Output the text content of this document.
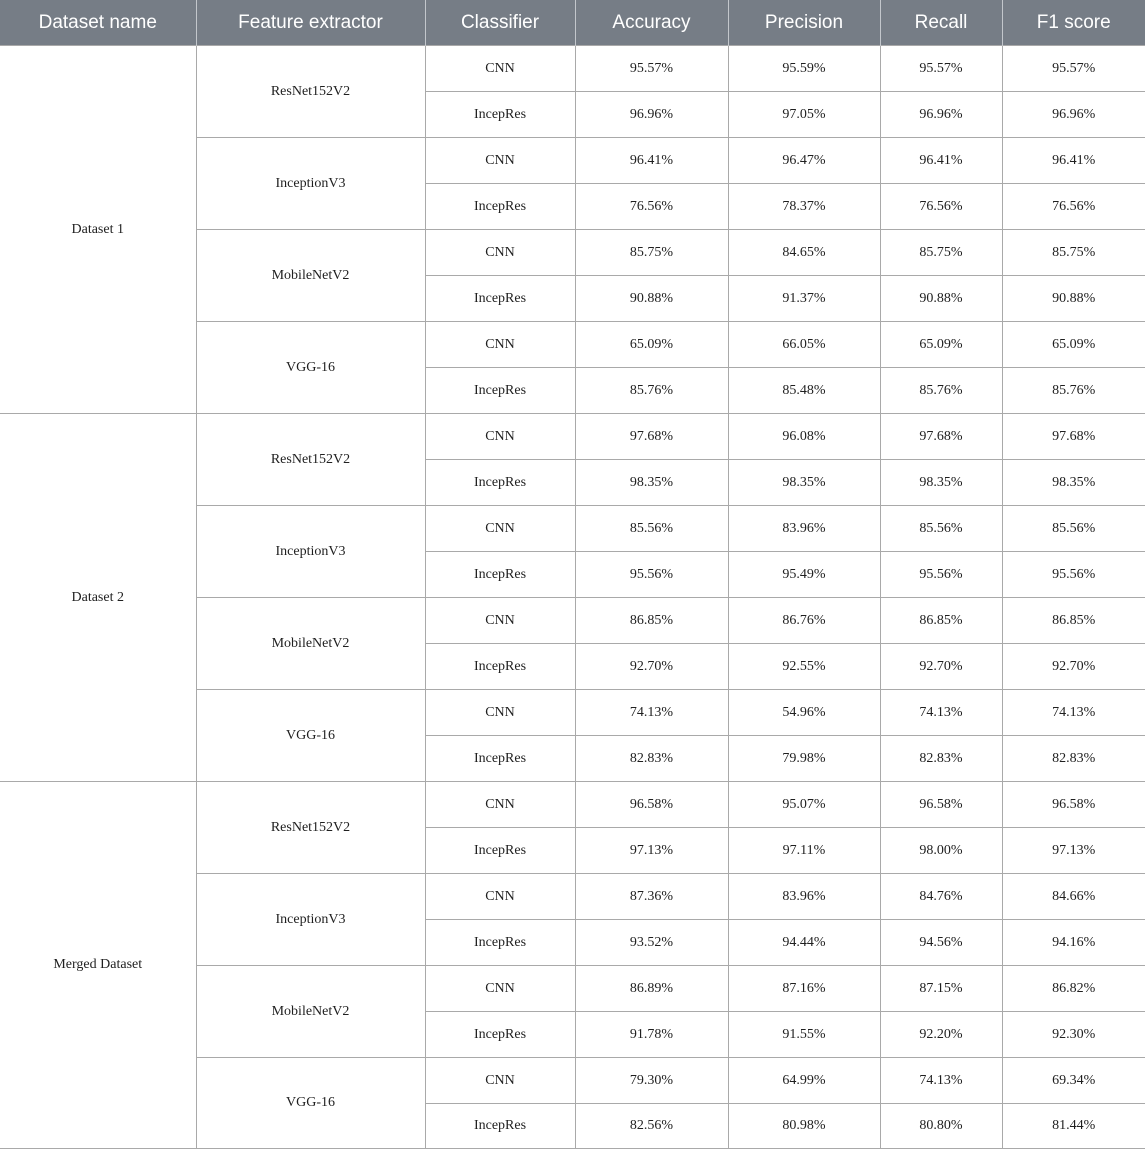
Dataset name	Feature extractor	Classifier	Accuracy	Precision	Recall	F1 score
Dataset 1	ResNet152V2	CNN	95.57%	95.59%	95.57%	95.57%
		IncepRes	96.96%	97.05%	96.96%	96.96%
	InceptionV3	CNN	96.41%	96.47%	96.41%	96.41%
		IncepRes	76.56%	78.37%	76.56%	76.56%
	MobileNetV2	CNN	85.75%	84.65%	85.75%	85.75%
		IncepRes	90.88%	91.37%	90.88%	90.88%
	VGG-16	CNN	65.09%	66.05%	65.09%	65.09%
		IncepRes	85.76%	85.48%	85.76%	85.76%
Dataset 2	ResNet152V2	CNN	97.68%	96.08%	97.68%	97.68%
		IncepRes	98.35%	98.35%	98.35%	98.35%
	InceptionV3	CNN	85.56%	83.96%	85.56%	85.56%
		IncepRes	95.56%	95.49%	95.56%	95.56%
	MobileNetV2	CNN	86.85%	86.76%	86.85%	86.85%
		IncepRes	92.70%	92.55%	92.70%	92.70%
	VGG-16	CNN	74.13%	54.96%	74.13%	74.13%
		IncepRes	82.83%	79.98%	82.83%	82.83%
Merged Dataset	ResNet152V2	CNN	96.58%	95.07%	96.58%	96.58%
		IncepRes	97.13%	97.11%	98.00%	97.13%
	InceptionV3	CNN	87.36%	83.96%	84.76%	84.66%
		IncepRes	93.52%	94.44%	94.56%	94.16%
	MobileNetV2	CNN	86.89%	87.16%	87.15%	86.82%
		IncepRes	91.78%	91.55%	92.20%	92.30%
	VGG-16	CNN	79.30%	64.99%	74.13%	69.34%
		IncepRes	82.56%	80.98%	80.80%	81.44%
